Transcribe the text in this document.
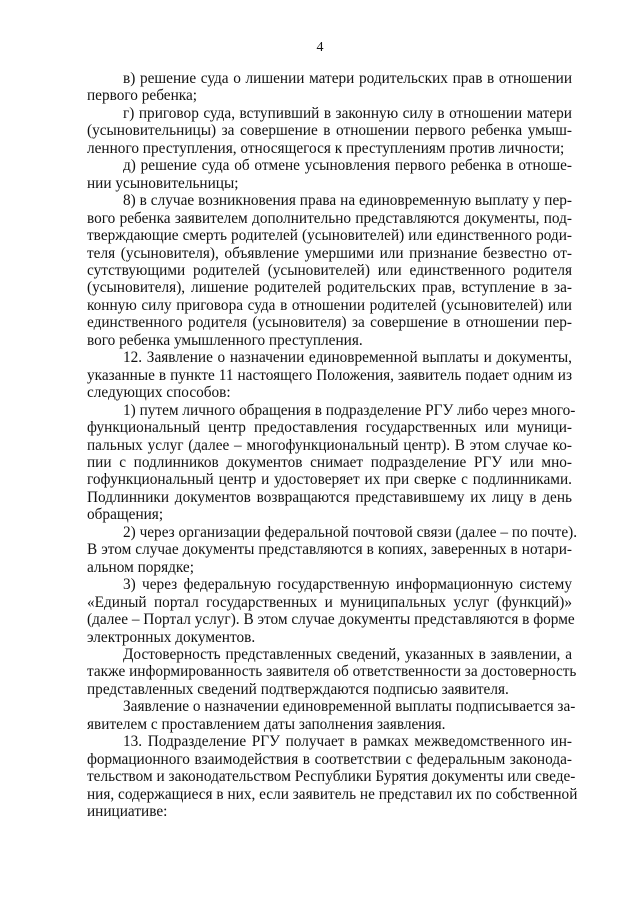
4
в) решение суда о лишении матери родительских прав в отношении
первого ребенка;
г) приговор суда, вступивший в законную силу в отношении матери
(усыновительницы) за совершение в отношении первого ребенка умыш-
ленного преступления, относящегося к преступлениям против личности;
д) решение суда об отмене усыновления первого ребенка в отноше-
нии усыновительницы;
8) в случае возникновения права на единовременную выплату у пер-
вого ребенка заявителем дополнительно представляются документы, под-
тверждающие смерть родителей (усыновителей) или единственного роди-
теля (усыновителя), объявление умершими или признание безвестно от-
сутствующими родителей (усыновителей) или единственного родителя
(усыновителя), лишение родителей родительских прав, вступление в за-
конную силу приговора суда в отношении родителей (усыновителей) или
единственного родителя (усыновителя) за совершение в отношении пер-
вого ребенка умышленного преступления.
12. Заявление о назначении единовременной выплаты и документы,
указанные в пункте 11 настоящего Положения, заявитель подает одним из
следующих способов:
1) путем личного обращения в подразделение РГУ либо через много-
функциональный центр предоставления государственных или муници-
пальных услуг (далее – многофункциональный центр). В этом случае ко-
пии с подлинников документов снимает подразделение РГУ или мно-
гофункциональный центр и удостоверяет их при сверке с подлинниками.
Подлинники документов возвращаются представившему их лицу в день
обращения;
2) через организации федеральной почтовой связи (далее – по почте).
В этом случае документы представляются в копиях, заверенных в нотари-
альном порядке;
3) через федеральную государственную информационную систему
«Единый портал государственных и муниципальных услуг (функций)»
(далее – Портал услуг). В этом случае документы представляются в форме
электронных документов.
Достоверность представленных сведений, указанных в заявлении, а
также информированность заявителя об ответственности за достоверность
представленных сведений подтверждаются подписью заявителя.
Заявление о назначении единовременной выплаты подписывается за-
явителем с проставлением даты заполнения заявления.
13. Подразделение РГУ получает в рамках межведомственного ин-
формационного взаимодействия в соответствии с федеральным законода-
тельством и законодательством Республики Бурятия документы или сведе-
ния, содержащиеся в них, если заявитель не представил их по собственной
инициативе:
